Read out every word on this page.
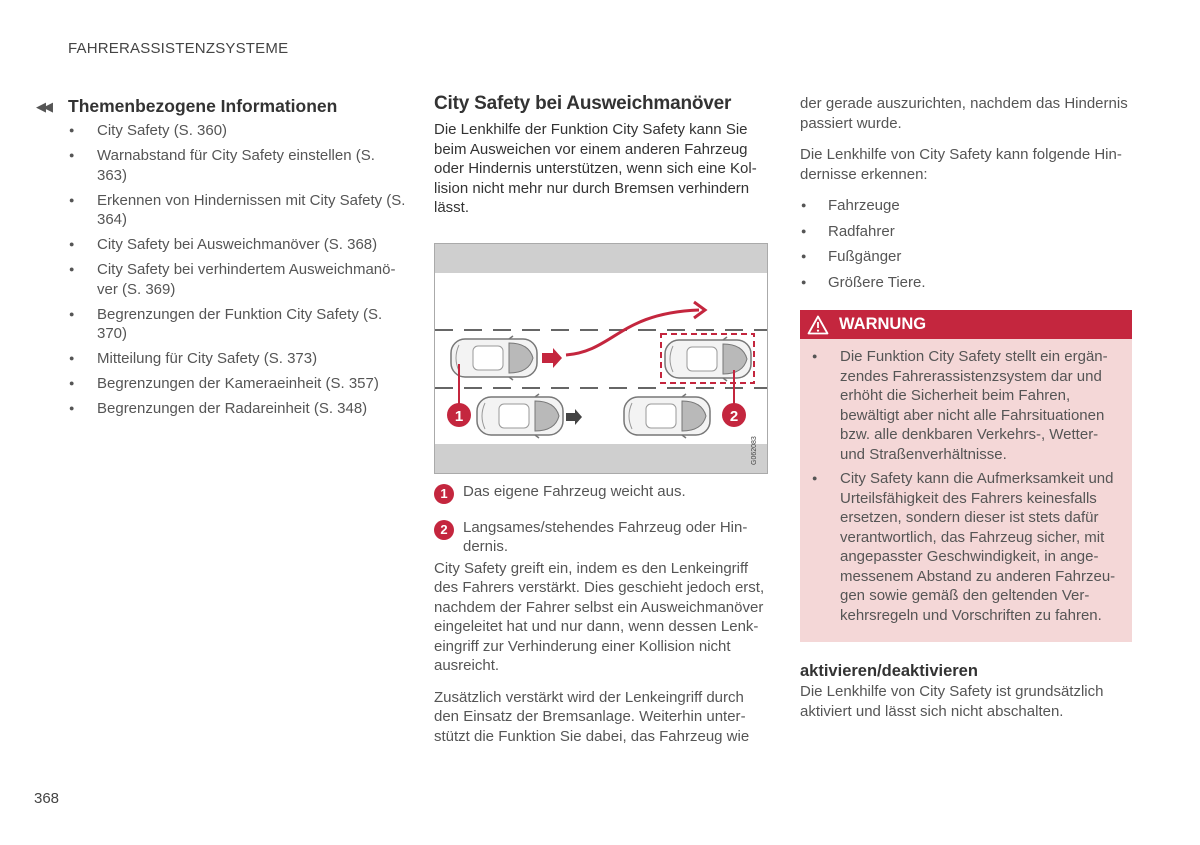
FAHRERASSISTENZSYSTEME
◀◀	Themenbezogene Informationen
● City Safety (S. 360)
● Warnabstand für City Safety einstellen (S. 363)
● Erkennen von Hindernissen mit City Safety (S. 364)
● City Safety bei Ausweichmanöver (S. 368)
● City Safety bei verhindertem Ausweichmanöver (S. 369)
● Begrenzungen der Funktion City Safety (S. 370)
● Mitteilung für City Safety (S. 373)
● Begrenzungen der Kameraeinheit (S. 357)
● Begrenzungen der Radareinheit (S. 348)
City Safety bei Ausweichmanöver

Die Lenkhilfe der Funktion City Safety kann Sie beim Ausweichen vor einem anderen Fahrzeug oder Hindernis unterstützen, wenn sich eine Kollision nicht mehr nur durch Bremsen verhindern lässt.

1	2
G062083
1	Das eigene Fahrzeug weicht aus.
2	Langsames/stehendes Fahrzeug oder Hindernis.

City Safety greift ein, indem es den Lenkeingriff des Fahrers verstärkt. Dies geschieht jedoch erst, nachdem der Fahrer selbst ein Ausweichmanöver eingeleitet hat und nur dann, wenn dessen Lenkeingriff zur Verhinderung einer Kollision nicht ausreicht.

Zusätzlich verstärkt wird der Lenkeingriff durch den Einsatz der Bremsanlage. Weiterhin unterstützt die Funktion Sie dabei, das Fahrzeug wie

der gerade auszurichten, nachdem das Hindernis passiert wurde.

Die Lenkhilfe von City Safety kann folgende Hindernisse erkennen:

● Fahrzeuge
● Radfahrer
● Fußgänger
● Größere Tiere.
WARNUNG
● Die Funktion City Safety stellt ein ergänzendes Fahrerassistenzsystem dar und erhöht die Sicherheit beim Fahren, bewältigt aber nicht alle Fahrsituationen bzw. alle denkbaren Verkehrs-, Wetter- und Straßenverhältnisse.
● City Safety kann die Aufmerksamkeit und Urteilsfähigkeit des Fahrers keinesfalls ersetzen, sondern dieser ist stets dafür verantwortlich, das Fahrzeug sicher, mit angepasster Geschwindigkeit, in angemessenem Abstand zu anderen Fahrzeugen sowie gemäß den geltenden Verkehrsregeln und Vorschriften zu fahren.
aktivieren/deaktivieren

Die Lenkhilfe von City Safety ist grundsätzlich aktiviert und lässt sich nicht abschalten.

368
